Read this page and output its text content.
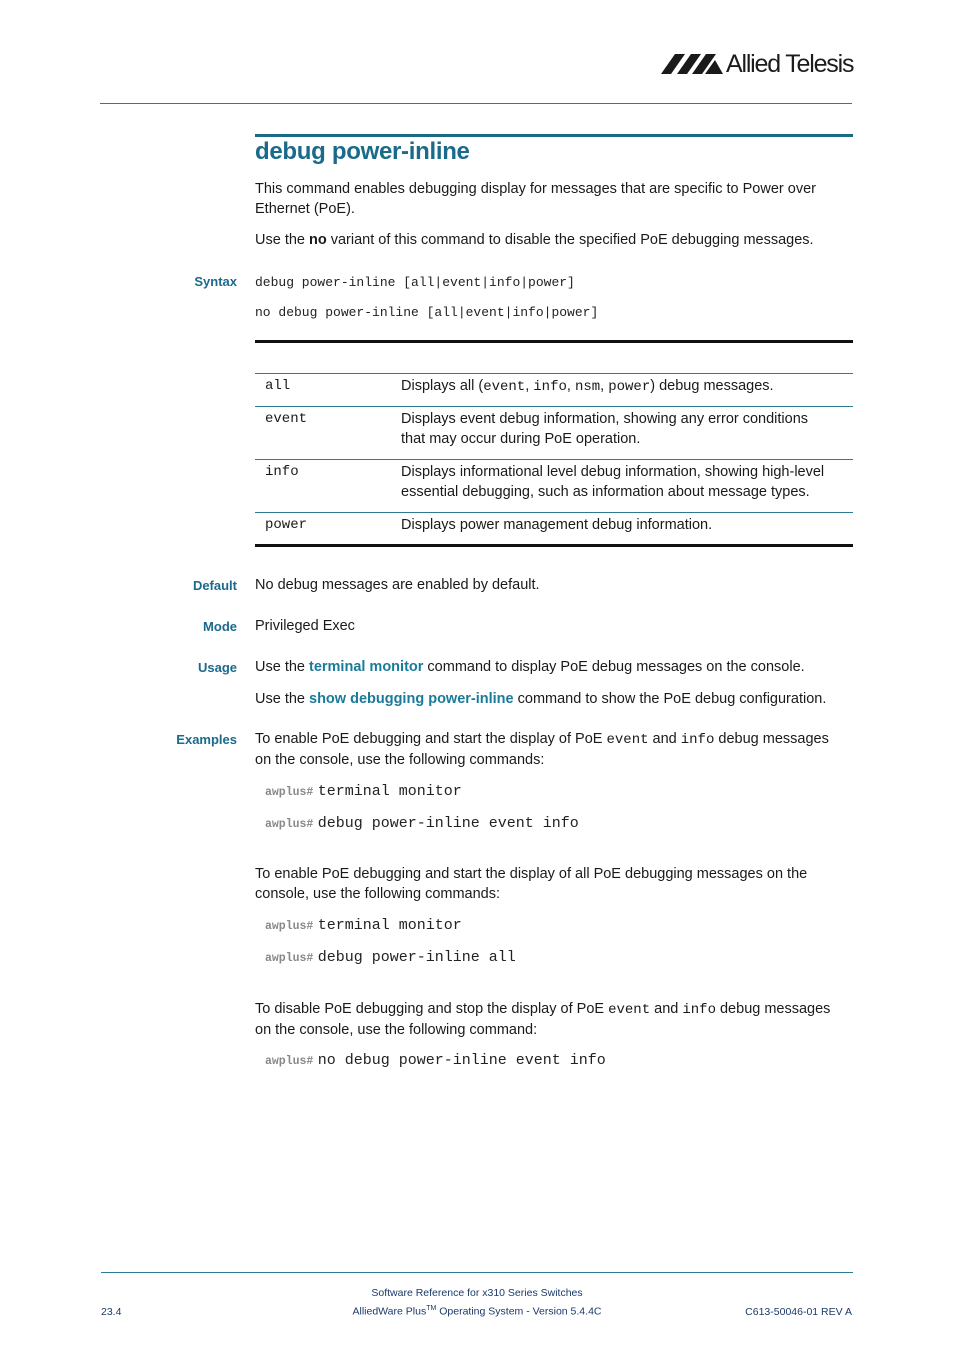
Allied Telesis
debug power-inline
This command enables debugging display for messages that are specific to Power over
Ethernet (PoE).
Use the no variant of this command to disable the specified PoE debugging messages.
Syntax debug power-inline [all|event|info|power]
no debug power-inline [all|event|info|power]
all	Displays all (event, info, nsm, power) debug messages.
event	Displays event debug information, showing any error conditions
that may occur during PoE operation.
info	Displays informational level debug information, showing high-level
essential debugging, such as information about message types.
power	Displays power management debug information.
Default No debug messages are enabled by default.
Mode Privileged Exec
Usage Use the terminal monitor command to display PoE debug messages on the console.
Use the show debugging power-inline command to show the PoE debug configuration.
Examples To enable PoE debugging and start the display of PoE event and info debug messages
on the console, use the following commands:
awplus# terminal monitor
awplus# debug power-inline event info
To enable PoE debugging and start the display of all PoE debugging messages on the
console, use the following commands:
awplus# terminal monitor
awplus# debug power-inline all
To disable PoE debugging and stop the display of PoE event and info debug messages
on the console, use the following command:
awplus# no debug power-inline event info
Software Reference for x310 Series Switches
AlliedWare Plus™ Operating System - Version 5.4.4C
23.4	C613-50046-01 REV A
